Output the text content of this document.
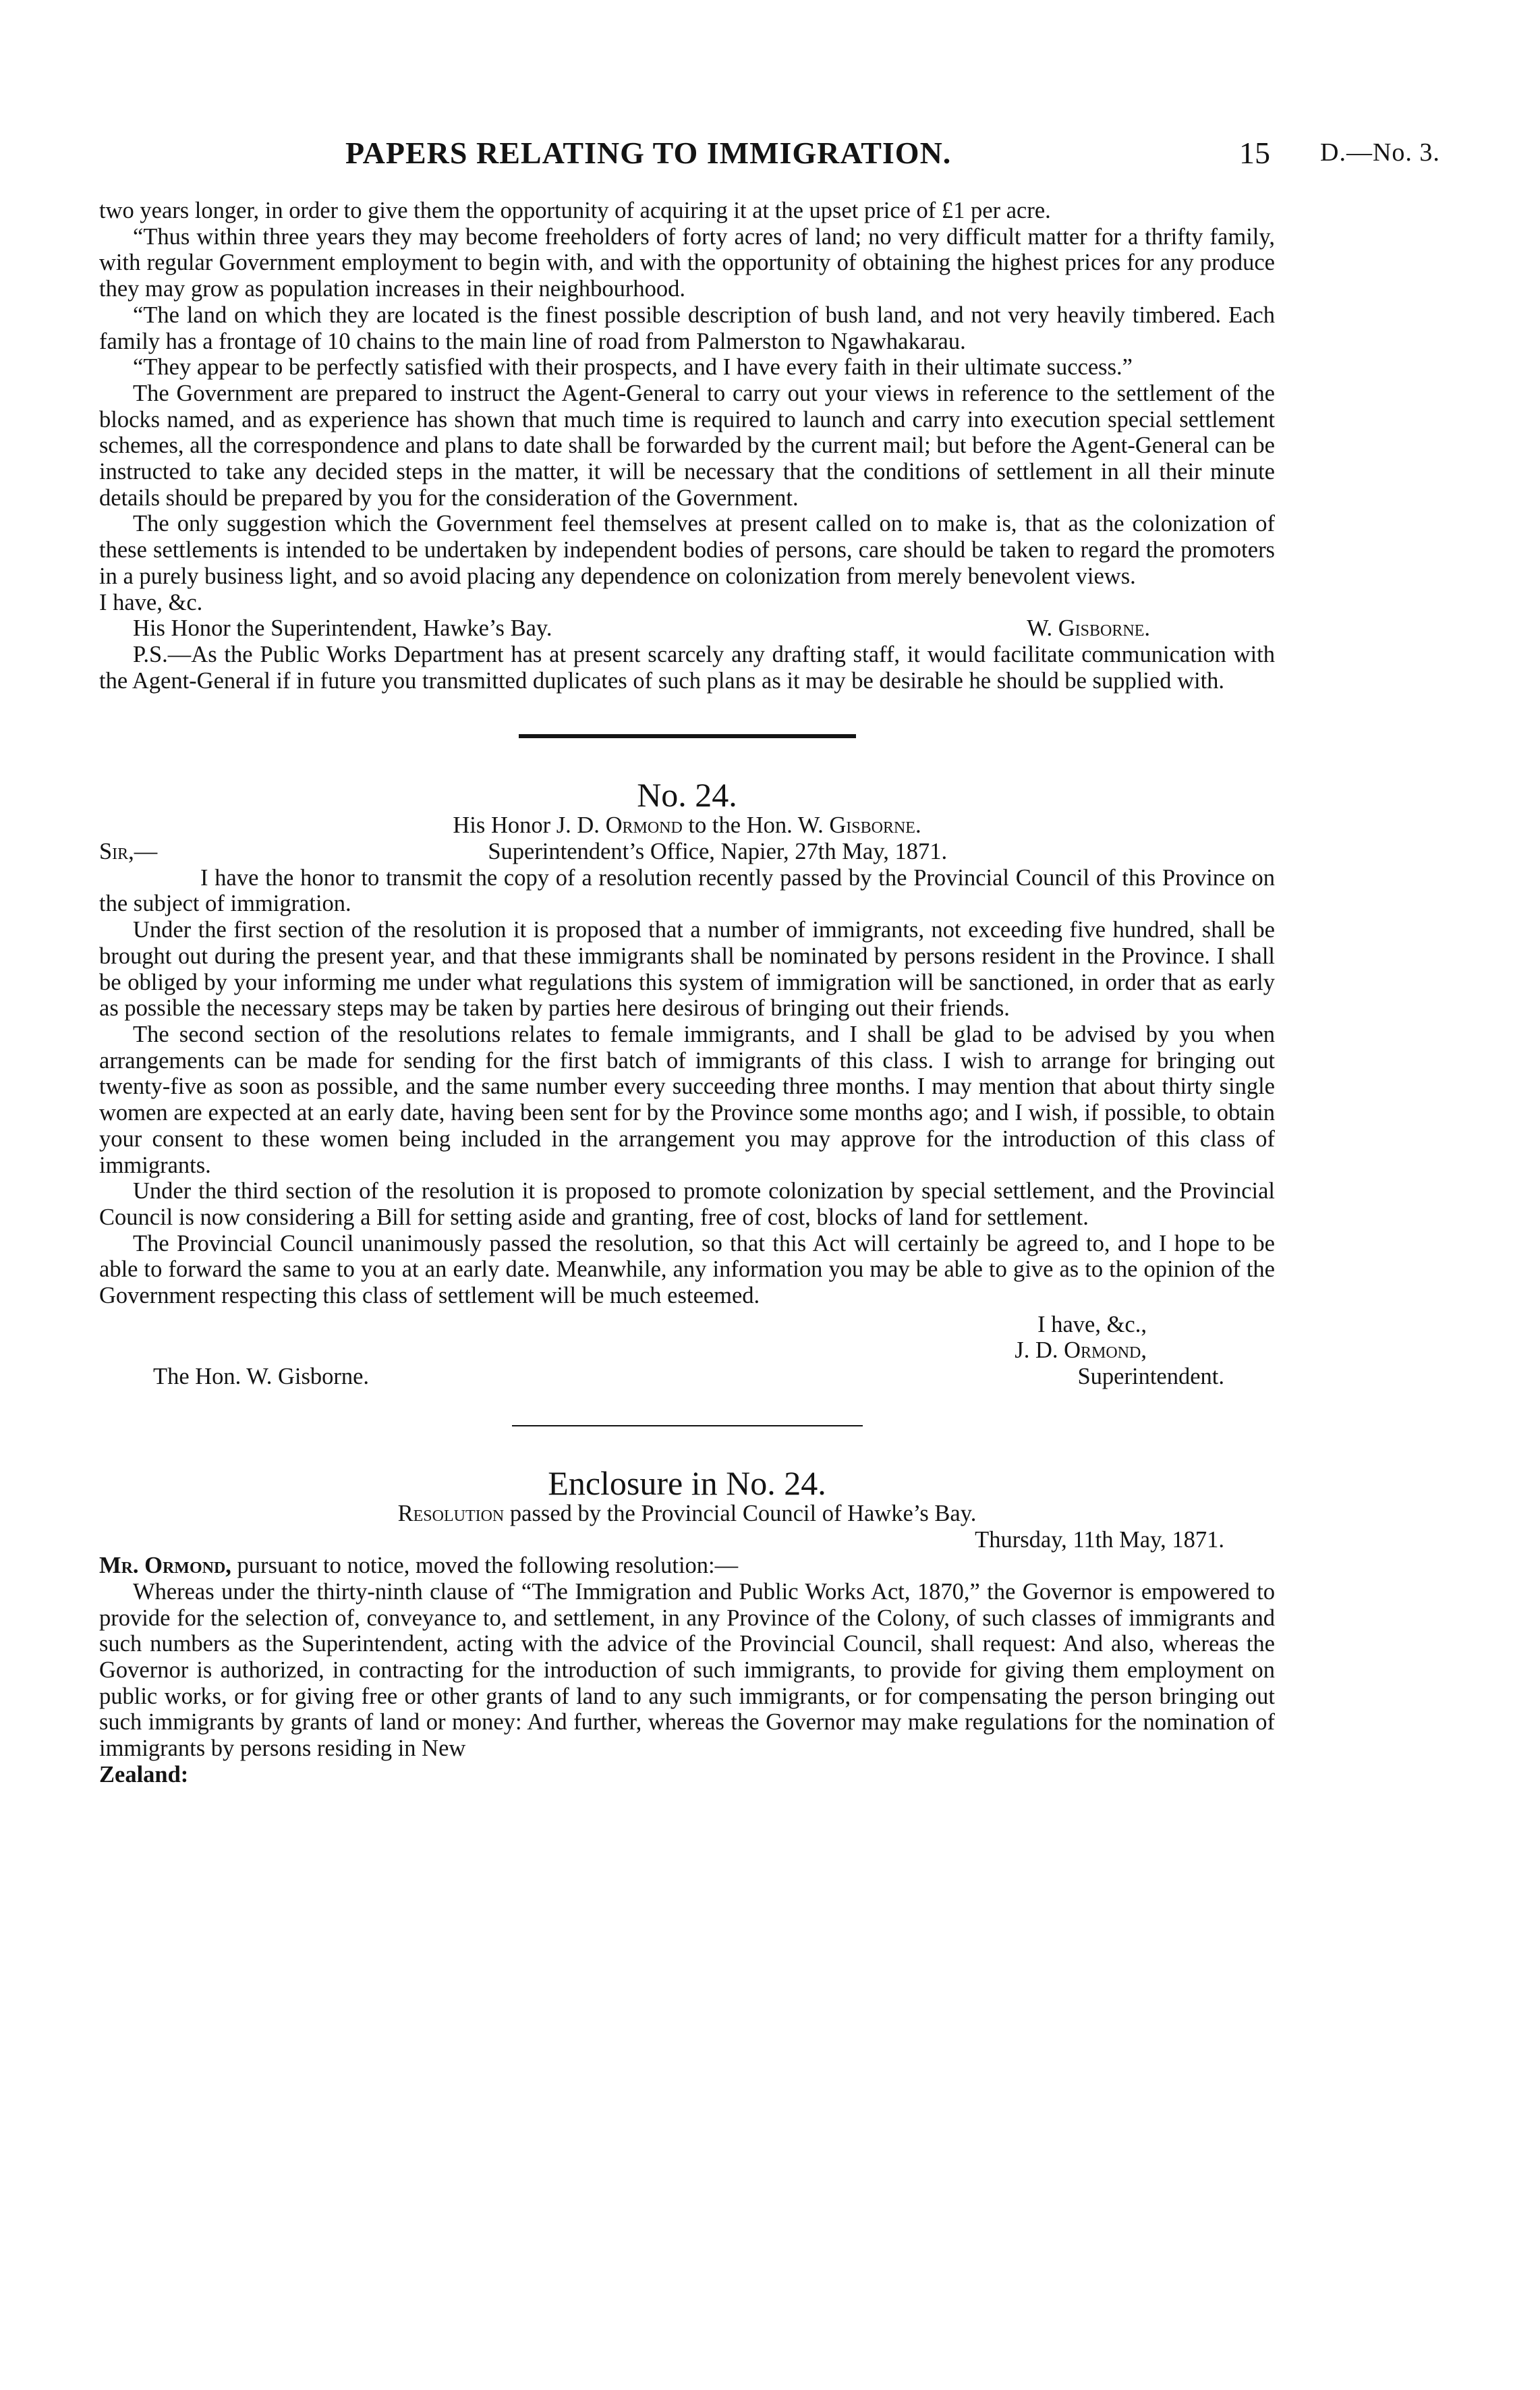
PAPERS RELATING TO IMMIGRATION.	15 D.—No. 3.

two years longer, in order to give them the opportunity of acquiring it at the upset price of £1 per acre.

“Thus within three years they may become freeholders of forty acres of land; no very difficult matter for a thrifty family, with regular Government employment to begin with, and with the opportunity of obtaining the highest prices for any produce they may grow as population increases in their neighbourhood.

“The land on which they are located is the finest possible description of bush land, and not very heavily timbered. Each family has a frontage of 10 chains to the main line of road from Palmerston to Ngawhakarau.

“They appear to be perfectly satisfied with their prospects, and I have every faith in their ultimate success.”

The Government are prepared to instruct the Agent-General to carry out your views in reference to the settlement of the blocks named, and as experience has shown that much time is required to launch and carry into execution special settlement schemes, all the correspondence and plans to date shall be forwarded by the current mail; but before the Agent-General can be instructed to take any decided steps in the matter, it will be necessary that the conditions of settlement in all their minute details should be prepared by you for the consideration of the Government.

The only suggestion which the Government feel themselves at present called on to make is, that as the colonization of these settlements is intended to be undertaken by independent bodies of persons, care should be taken to regard the promoters in a purely business light, and so avoid placing any dependence on colonization from merely benevolent views.

I have, &c.

His Honor the Superintendent, Hawke’s Bay.	W. Gisborne.

P.S.—As the Public Works Department has at present scarcely any drafting staff, it would facilitate communication with the Agent-General if in future you transmitted duplicates of such plans as it may be desirable he should be supplied with.

No. 24.
His Honor J. D. Ormond to the Hon. W. Gisborne.
Sir,—	Superintendent’s Office, Napier, 27th May, 1871.

I have the honor to transmit the copy of a resolution recently passed by the Provincial Council of this Province on the subject of immigration.

Under the first section of the resolution it is proposed that a number of immigrants, not exceeding five hundred, shall be brought out during the present year, and that these immigrants shall be nominated by persons resident in the Province. I shall be obliged by your informing me under what regulations this system of immigration will be sanctioned, in order that as early as possible the necessary steps may be taken by parties here desirous of bringing out their friends.

The second section of the resolutions relates to female immigrants, and I shall be glad to be advised by you when arrangements can be made for sending for the first batch of immigrants of this class. I wish to arrange for bringing out twenty-five as soon as possible, and the same number every succeeding three months. I may mention that about thirty single women are expected at an early date, having been sent for by the Province some months ago; and I wish, if possible, to obtain your consent to these women being included in the arrangement you may approve for the introduction of this class of immigrants.

Under the third section of the resolution it is proposed to promote colonization by special settlement, and the Provincial Council is now considering a Bill for setting aside and granting, free of cost, blocks of land for settlement.

The Provincial Council unanimously passed the resolution, so that this Act will certainly be agreed to, and I hope to be able to forward the same to you at an early date. Meanwhile, any information you may be able to give as to the opinion of the Government respecting this class of settlement will be much esteemed.

I have, &c.,
J. D. Ormond,
The Hon. W. Gisborne.	Superintendent.
Enclosure in No. 24.
Resolution passed by the Provincial Council of Hawke’s Bay.
Thursday, 11th May, 1871.

Mr. Ormond, pursuant to notice, moved the following resolution:—

Whereas under the thirty-ninth clause of “The Immigration and Public Works Act, 1870,” the Governor is empowered to provide for the selection of, conveyance to, and settlement, in any Province of the Colony, of such classes of immigrants and such numbers as the Superintendent, acting with the advice of the Provincial Council, shall request: And also, whereas the Governor is authorized, in contracting for the introduction of such immigrants, to provide for giving them employment on public works, or for giving free or other grants of land to any such immigrants, or for compensating the person bringing out such immigrants by grants of land or money: And further, whereas the Governor may make regulations for the nomination of immigrants by persons residing in New

Zealand:
